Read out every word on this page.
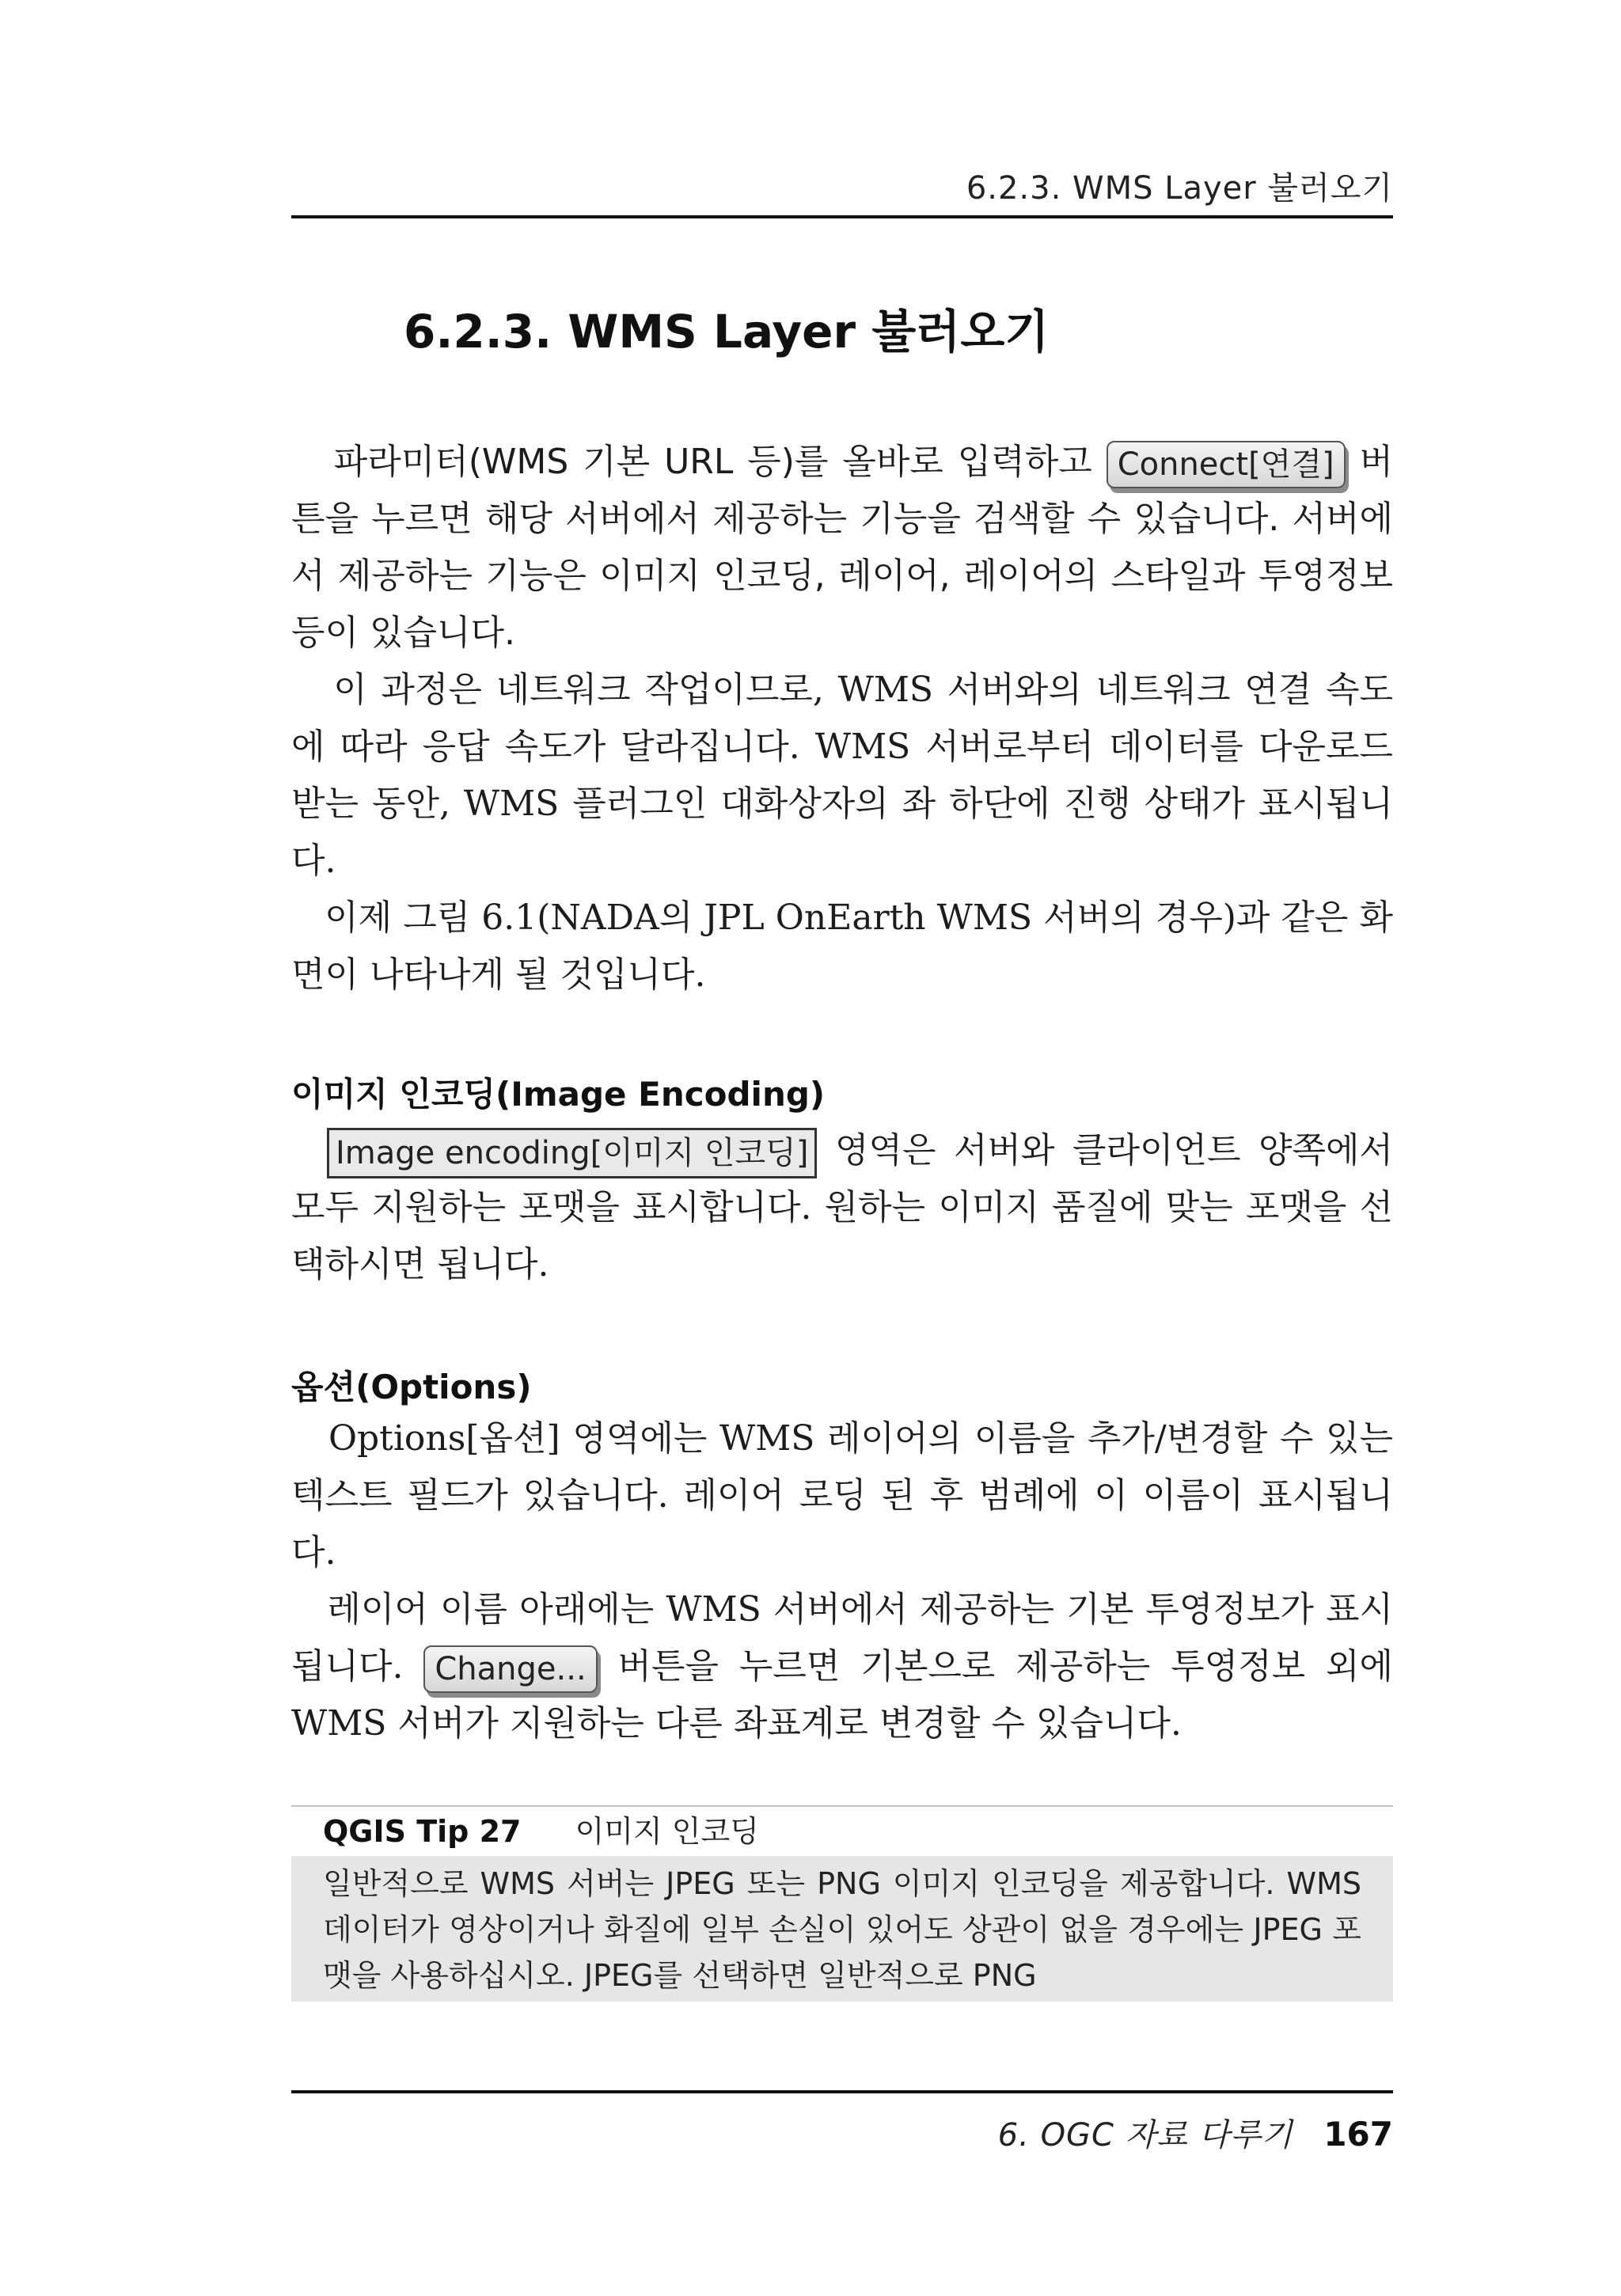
6.2.3. WMS Layer 불러오기
6.2.3. WMS Layer 불러오기
파라미터(WMS 기본 URL 등)를 올바로 입력하고 Connect[연결] 버튼을 누르면 해당 서버에서 제공하는 기능을 검색할 수 있습니다. 서버에서 제공하는 기능은 이미지 인코딩, 레이어, 레이어의 스타일과 투영정보 등이 있습니다.
이 과정은 네트워크 작업이므로, WMS 서버와의 네트워크 연결 속도에 따라 응답 속도가 달라집니다. WMS 서버로부터 데이터를 다운로드 받는 동안, WMS 플러그인 대화상자의 좌 하단에 진행 상태가 표시됩니다.
이제 그림 6.1(NADA의 JPL OnEarth WMS 서버의 경우)과 같은 화면이 나타나게 될 것입니다.
이미지 인코딩(Image Encoding)
Image encoding[이미지 인코딩] 영역은 서버와 클라이언트 양쪽에서 모두 지원하는 포맷을 표시합니다. 원하는 이미지 품질에 맞는 포맷을 선택하시면 됩니다.
옵션(Options)
Options[옵션] 영역에는 WMS 레이어의 이름을 추가/변경할 수 있는 텍스트 필드가 있습니다. 레이어 로딩 된 후 범례에 이 이름이 표시됩니다.
레이어 이름 아래에는 WMS 서버에서 제공하는 기본 투영정보가 표시됩니다. Change... 버튼을 누르면 기본으로 제공하는 투영정보 외에 WMS 서버가 지원하는 다른 좌표계로 변경할 수 있습니다.
QGIS Tip 27 이미지 인코딩
일반적으로 WMS 서버는 JPEG 또는 PNG 이미지 인코딩을 제공합니다. WMS 데이터가 영상이거나 화질에 일부 손실이 있어도 상관이 없을 경우에는 JPEG 포맷을 사용하십시오. JPEG를 선택하면 일반적으로 PNG
6. OGC 자료 다루기 167
